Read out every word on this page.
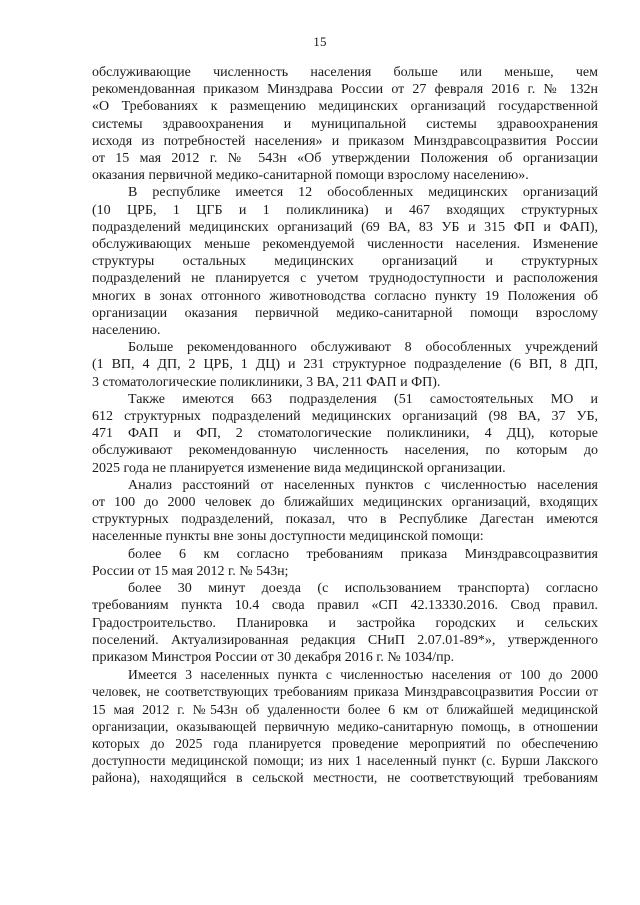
15
обслуживающие численность населения больше или меньше, чем
рекомендованная приказом Минздрава России от 27 февраля 2016 г. № 132н
«О Требованиях к размещению медицинских организаций государственной
системы здравоохранения и муниципальной системы здравоохранения
исходя из потребностей населения» и приказом Минздравсоцразвития России
от 15 мая 2012 г. № 543н «Об утверждении Положения об организации
оказания первичной медико-санитарной помощи взрослому населению».
В республике имеется 12 обособленных медицинских организаций
(10 ЦРБ, 1 ЦГБ и 1 поликлиника) и 467 входящих структурных
подразделений медицинских организаций (69 ВА, 83 УБ и 315 ФП и ФАП),
обслуживающих меньше рекомендуемой численности населения. Изменение
структуры остальных медицинских организаций и структурных
подразделений не планируется с учетом труднодоступности и расположения
многих в зонах отгонного животноводства согласно пункту 19 Положения об
организации оказания первичной медико-санитарной помощи взрослому
населению.
Больше рекомендованного обслуживают 8 обособленных учреждений
(1 ВП, 4 ДП, 2 ЦРБ, 1 ДЦ) и 231 структурное подразделение (6 ВП, 8 ДП,
3 стоматологические поликлиники, 3 ВА, 211 ФАП и ФП).
Также имеются 663 подразделения (51 самостоятельных МО и
612 структурных подразделений медицинских организаций (98 ВА, 37 УБ,
471 ФАП и ФП, 2 стоматологические поликлиники, 4 ДЦ), которые
обслуживают рекомендованную численность населения, по которым до
2025 года не планируется изменение вида медицинской организации.
Анализ расстояний от населенных пунктов с численностью населения
от 100 до 2000 человек до ближайших медицинских организаций, входящих
структурных подразделений, показал, что в Республике Дагестан имеются
населенные пункты вне зоны доступности медицинской помощи:
более 6 км согласно требованиям приказа Минздравсоцразвития
России от 15 мая 2012 г. № 543н;
более 30 минут доезда (с использованием транспорта) согласно
требованиям пункта 10.4 свода правил «СП 42.13330.2016. Свод правил.
Градостроительство. Планировка и застройка городских и сельских
поселений. Актуализированная редакция СНиП 2.07.01-89*», утвержденного
приказом Минстроя России от 30 декабря 2016 г. № 1034/пр.
Имеется 3 населенных пункта с численностью населения от 100 до 2000
человек, не соответствующих требованиям приказа Минздравсоцразвития России от
15 мая 2012 г. №543н об удаленности более 6 км от ближайшей медицинской
организации, оказывающей первичную медико-санитарную помощь, в отношении
которых до 2025 года планируется проведение мероприятий по обеспечению
доступности медицинской помощи; из них 1 населенный пункт (с. Бурши Лакского
района), находящийся в сельской местности, не соответствующий требованиям
